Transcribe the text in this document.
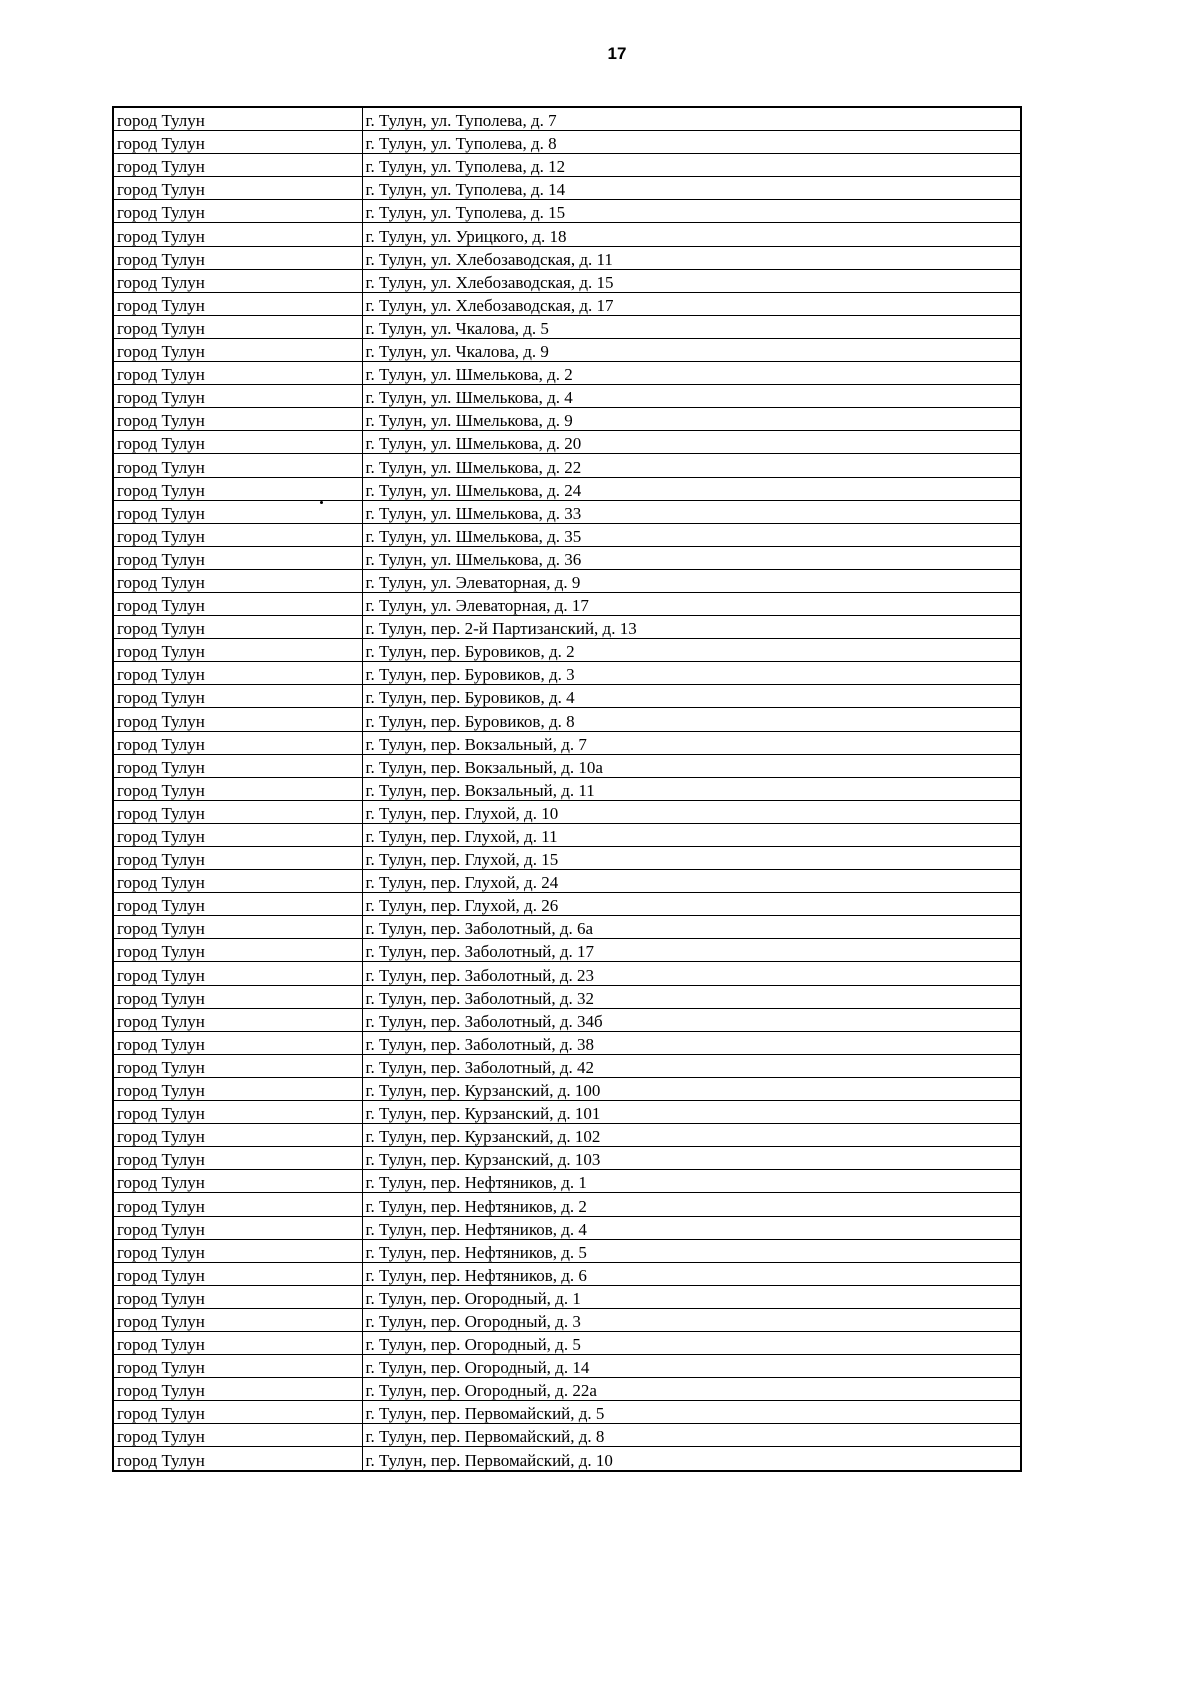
17
город Тулун	г. Тулун, ул. Туполева, д. 7
город Тулун	г. Тулун, ул. Туполева, д. 8
город Тулун	г. Тулун, ул. Туполева, д. 12
город Тулун	г. Тулун, ул. Туполева, д. 14
город Тулун	г. Тулун, ул. Туполева, д. 15
город Тулун	г. Тулун, ул. Урицкого, д. 18
город Тулун	г. Тулун, ул. Хлебозаводская, д. 11
город Тулун	г. Тулун, ул. Хлебозаводская, д. 15
город Тулун	г. Тулун, ул. Хлебозаводская, д. 17
город Тулун	г. Тулун, ул. Чкалова, д. 5
город Тулун	г. Тулун, ул. Чкалова, д. 9
город Тулун	г. Тулун, ул. Шмелькова, д. 2
город Тулун	г. Тулун, ул. Шмелькова, д. 4
город Тулун	г. Тулун, ул. Шмелькова, д. 9
город Тулун	г. Тулун, ул. Шмелькова, д. 20
город Тулун	г. Тулун, ул. Шмелькова, д. 22
город Тулун	г. Тулун, ул. Шмелькова, д. 24
город Тулун	г. Тулун, ул. Шмелькова, д. 33
город Тулун	г. Тулун, ул. Шмелькова, д. 35
город Тулун	г. Тулун, ул. Шмелькова, д. 36
город Тулун	г. Тулун, ул. Элеваторная, д. 9
город Тулун	г. Тулун, ул. Элеваторная, д. 17
город Тулун	г. Тулун, пер. 2-й Партизанский, д. 13
город Тулун	г. Тулун, пер. Буровиков, д. 2
город Тулун	г. Тулун, пер. Буровиков, д. 3
город Тулун	г. Тулун, пер. Буровиков, д. 4
город Тулун	г. Тулун, пер. Буровиков, д. 8
город Тулун	г. Тулун, пер. Вокзальный, д. 7
город Тулун	г. Тулун, пер. Вокзальный, д. 10а
город Тулун	г. Тулун, пер. Вокзальный, д. 11
город Тулун	г. Тулун, пер. Глухой, д. 10
город Тулун	г. Тулун, пер. Глухой, д. 11
город Тулун	г. Тулун, пер. Глухой, д. 15
город Тулун	г. Тулун, пер. Глухой, д. 24
город Тулун	г. Тулун, пер. Глухой, д. 26
город Тулун	г. Тулун, пер. Заболотный, д. 6а
город Тулун	г. Тулун, пер. Заболотный, д. 17
город Тулун	г. Тулун, пер. Заболотный, д. 23
город Тулун	г. Тулун, пер. Заболотный, д. 32
город Тулун	г. Тулун, пер. Заболотный, д. 34б
город Тулун	г. Тулун, пер. Заболотный, д. 38
город Тулун	г. Тулун, пер. Заболотный, д. 42
город Тулун	г. Тулун, пер. Курзанский, д. 100
город Тулун	г. Тулун, пер. Курзанский, д. 101
город Тулун	г. Тулун, пер. Курзанский, д. 102
город Тулун	г. Тулун, пер. Курзанский, д. 103
город Тулун	г. Тулун, пер. Нефтяников, д. 1
город Тулун	г. Тулун, пер. Нефтяников, д. 2
город Тулун	г. Тулун, пер. Нефтяников, д. 4
город Тулун	г. Тулун, пер. Нефтяников, д. 5
город Тулун	г. Тулун, пер. Нефтяников, д. 6
город Тулун	г. Тулун, пер. Огородный, д. 1
город Тулун	г. Тулун, пер. Огородный, д. 3
город Тулун	г. Тулун, пер. Огородный, д. 5
город Тулун	г. Тулун, пер. Огородный, д. 14
город Тулун	г. Тулун, пер. Огородный, д. 22а
город Тулун	г. Тулун, пер. Первомайский, д. 5
город Тулун	г. Тулун, пер. Первомайский, д. 8
город Тулун	г. Тулун, пер. Первомайский, д. 10
